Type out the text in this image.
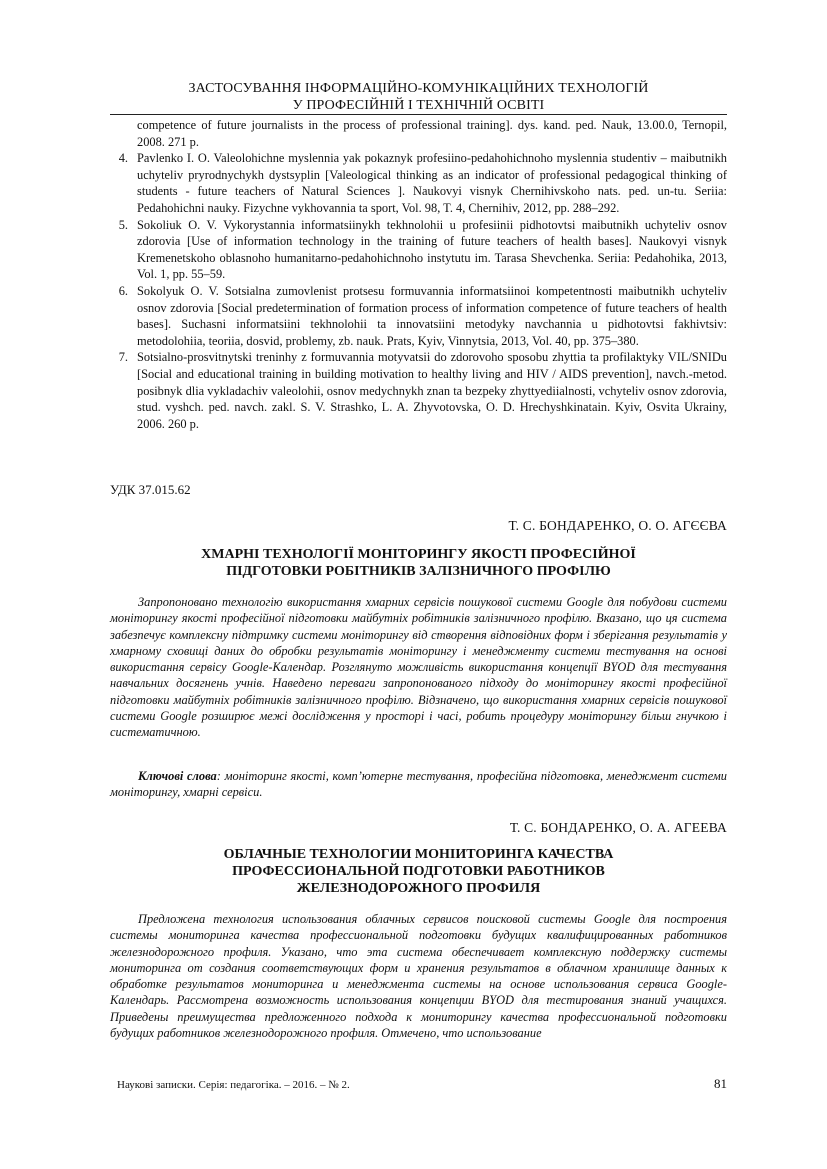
ЗАСТОСУВАННЯ ІНФОРМАЦІЙНО-КОМУНІКАЦІЙНИХ ТЕХНОЛОГІЙ
У ПРОФЕСІЙНІЙ І ТЕХНІЧНІЙ ОСВІТІ
competence of future journalists in the process of professional training]. dys. kand. ped. Nauk, 13.00.0, Ternopil, 2008. 271 p.
4. Pavlenko I. O. Valeolohichne myslennia yak pokaznyk profesiino-pedahohichnoho myslennia studentiv – maibutnikh uchyteliv pryrodnychykh dystsyplin [Valeological thinking as an indicator of professional pedagogical thinking of students - future teachers of Natural Sciences ]. Naukovyi visnyk Chernihivskoho nats. ped. un-tu. Seriia: Pedahohichni nauky. Fizychne vykhovannia ta sport, Vol. 98, T. 4, Chernihiv, 2012, pp. 288–292.
5. Sokoliuk O. V. Vykorystannia informatsiinykh tekhnolohii u profesiinii pidhotovtsi maibutnikh uchyteliv osnov zdorovia [Use of information technology in the training of future teachers of health bases]. Naukovyi visnyk Kremenetskoho oblasnoho humanitarno-pedahohichnoho instytutu im. Tarasa Shevchenka. Seriia: Pedahohika, 2013, Vol. 1, pp. 55–59.
6. Sokolyuk O. V. Sotsialna zumovlenist protsesu formuvannia informatsiinoi kompetentnosti maibutnikh uchyteliv osnov zdorovia [Social predetermination of formation process of information competence of future teachers of health bases]. Suchasni informatsiini tekhnolohii ta innovatsiini metodyky navchannia u pidhotovtsi fakhivtsiv: metodolohiia, teoriia, dosvid, problemy, zb. nauk. Prats, Kyiv, Vinnytsia, 2013, Vol. 40, pp. 375–380.
7. Sotsialno-prosvitnytski treninhy z formuvannia motyvatsii do zdorovoho sposobu zhyttia ta profilaktyky VIL/SNIDu [Social and educational training in building motivation to healthy living and HIV / AIDS prevention], navch.-metod. posibnyk dlia vykladachiv valeolohii, osnov medychnykh znan ta bezpeky zhyttyediialnosti, vchyteliv osnov zdorovia, stud. vyshch. ped. navch. zakl. S. V. Strashko, L. A. Zhyvotovska, O. D. Hrechyshkinatain. Kyiv, Osvita Ukrainy, 2006. 260 p.
УДК 37.015.62
Т. С. БОНДАРЕНКО, О. О. АГЄЄВА
ХМАРНІ ТЕХНОЛОГІЇ МОНІТОРИНГУ ЯКОСТІ ПРОФЕСІЙНОЇ
ПІДГОТОВКИ РОБІТНИКІВ ЗАЛІЗНИЧНОГО ПРОФІЛЮ
Запропоновано технологію використання хмарних сервісів пошукової системи Google для побудови системи моніторингу якості професійної підготовки майбутніх робітників залізничного профілю. Вказано, що ця система забезпечує комплексну підтримку системи моніторингу від створення відповідних форм і зберігання результатів у хмарному сховищі даних до обробки результатів моніторингу і менеджменту системи тестування на основі використання сервісу Google-Календар. Розглянуто можливість використання концепції BYOD для тестування навчальних досягнень учнів. Наведено переваги запропонованого підходу до моніторингу якості професійної підготовки майбутніх робітників залізничного профілю. Відзначено, що використання хмарних сервісів пошукової системи Google розширює межі дослідження у просторі і часі, робить процедуру моніторингу більш гнучкою і систематичною.
Ключові слова: моніторинг якості, комп’ютерне тестування, професійна підготовка, менеджмент системи моніторингу, хмарні сервіси.
Т. С. БОНДАРЕНКО, О. А. АГЕЕВА
ОБЛАЧНЫЕ ТЕХНОЛОГИИ МОНIИТОРИНГА КАЧЕСТВА
ПРОФЕССИОНАЛЬНОЙ ПОДГОТОВКИ РАБОТНИКОВ
ЖЕЛЕЗНОДОРОЖНОГО ПРОФИЛЯ
Предложена технология использования облачных сервисов поисковой системы Google для построения системы мониторинга качества профессиональной подготовки будущих квалифицированных работников железнодорожного профиля. Указано, что эта система обеспечивает комплексную поддержку системы мониторинга от создания соответствующих форм и хранения результатов в облачном хранилище данных к обработке результатов мониторинга и менеджмента системы на основе использования сервиса Google-Календарь. Рассмотрена возможность использования концепции BYOD для тестирования знаний учащихся. Приведены преимущества предложенного подхода к мониторингу качества профессиональной подготовки будущих работников железнодорожного профиля. Отмечено, что использование
Наукові записки. Серія: педагогіка. – 2016. – № 2.	81
